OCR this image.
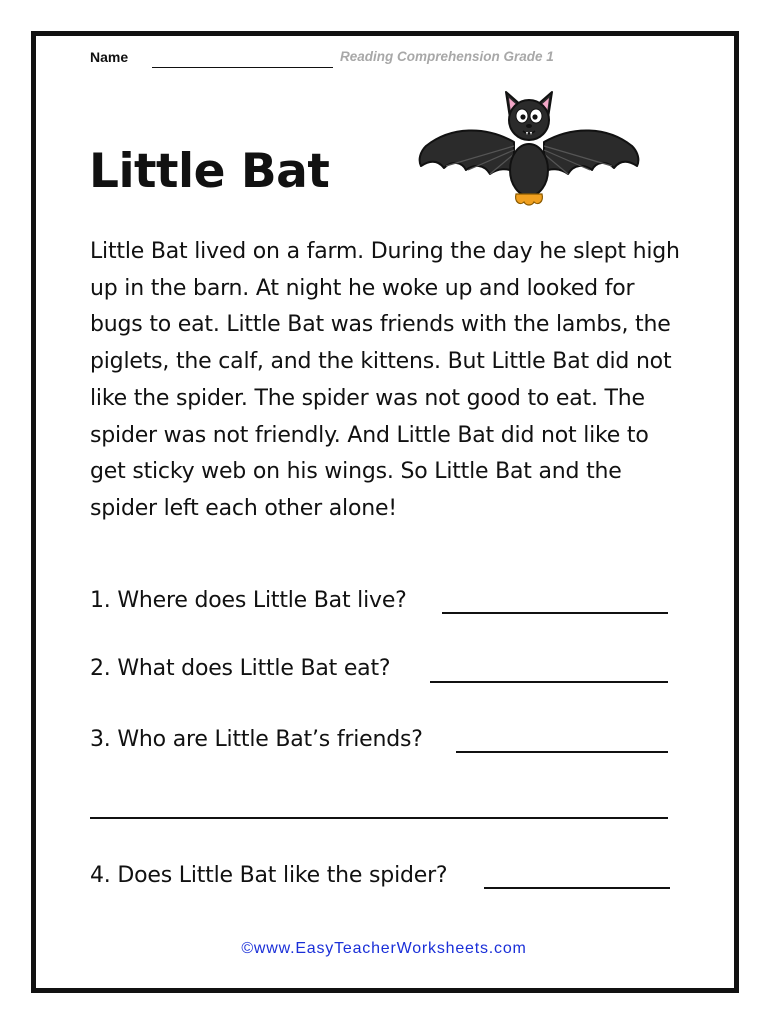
Name	Reading Comprehension Grade 1
Little Bat

Little Bat lived on a farm. During the day he slept high up in the barn. At night he woke up and looked for bugs to eat. Little Bat was friends with the lambs, the piglets, the calf, and the kittens. But Little Bat did not like the spider. The spider was not good to eat. The spider was not friendly. And Little Bat did not like to get sticky web on his wings. So Little Bat and the spider left each other alone!

1. Where does Little Bat live?
2. What does Little Bat eat?
3. Who are Little Bat’s friends?
4. Does Little Bat like the spider?
©www.EasyTeacherWorksheets.com
